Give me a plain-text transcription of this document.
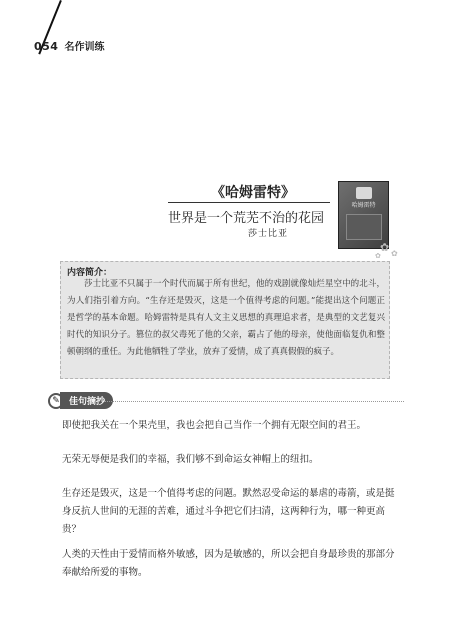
054 名作训练
《哈姆雷特》
世界是一个荒芜不治的花园
莎士比亚
哈姆雷特
✿ ✿
✿
内容简介：
莎士比亚不只属于一个时代而属于所有世纪，他的戏剧就像灿烂星空中的北斗，为人们指引着方向。“生存还是毁灭，这是一个值得考虑的问题。”能提出这个问题正是哲学的基本命题。哈姆雷特是具有人文主义思想的真理追求者，是典型的文艺复兴时代的知识分子。篡位的叔父毒死了他的父亲，霸占了他的母亲，使他面临复仇和整顿朝纲的重任。为此他牺牲了学业，放弃了爱情，成了真真假假的疯子。
✎	佳句摘抄
即使把我关在一个果壳里，我也会把自己当作一个拥有无限空间的君王。
无荣无辱便是我们的幸福，我们够不到命运女神帽上的纽扣。
生存还是毁灭，这是一个值得考虑的问题。默然忍受命运的暴虐的毒箭，或是挺身反抗人世间的无涯的苦难，通过斗争把它们扫清，这两种行为，哪一种更高贵？
人类的天性由于爱情而格外敏感，因为是敏感的，所以会把自身最珍贵的那部分奉献给所爱的事物。
